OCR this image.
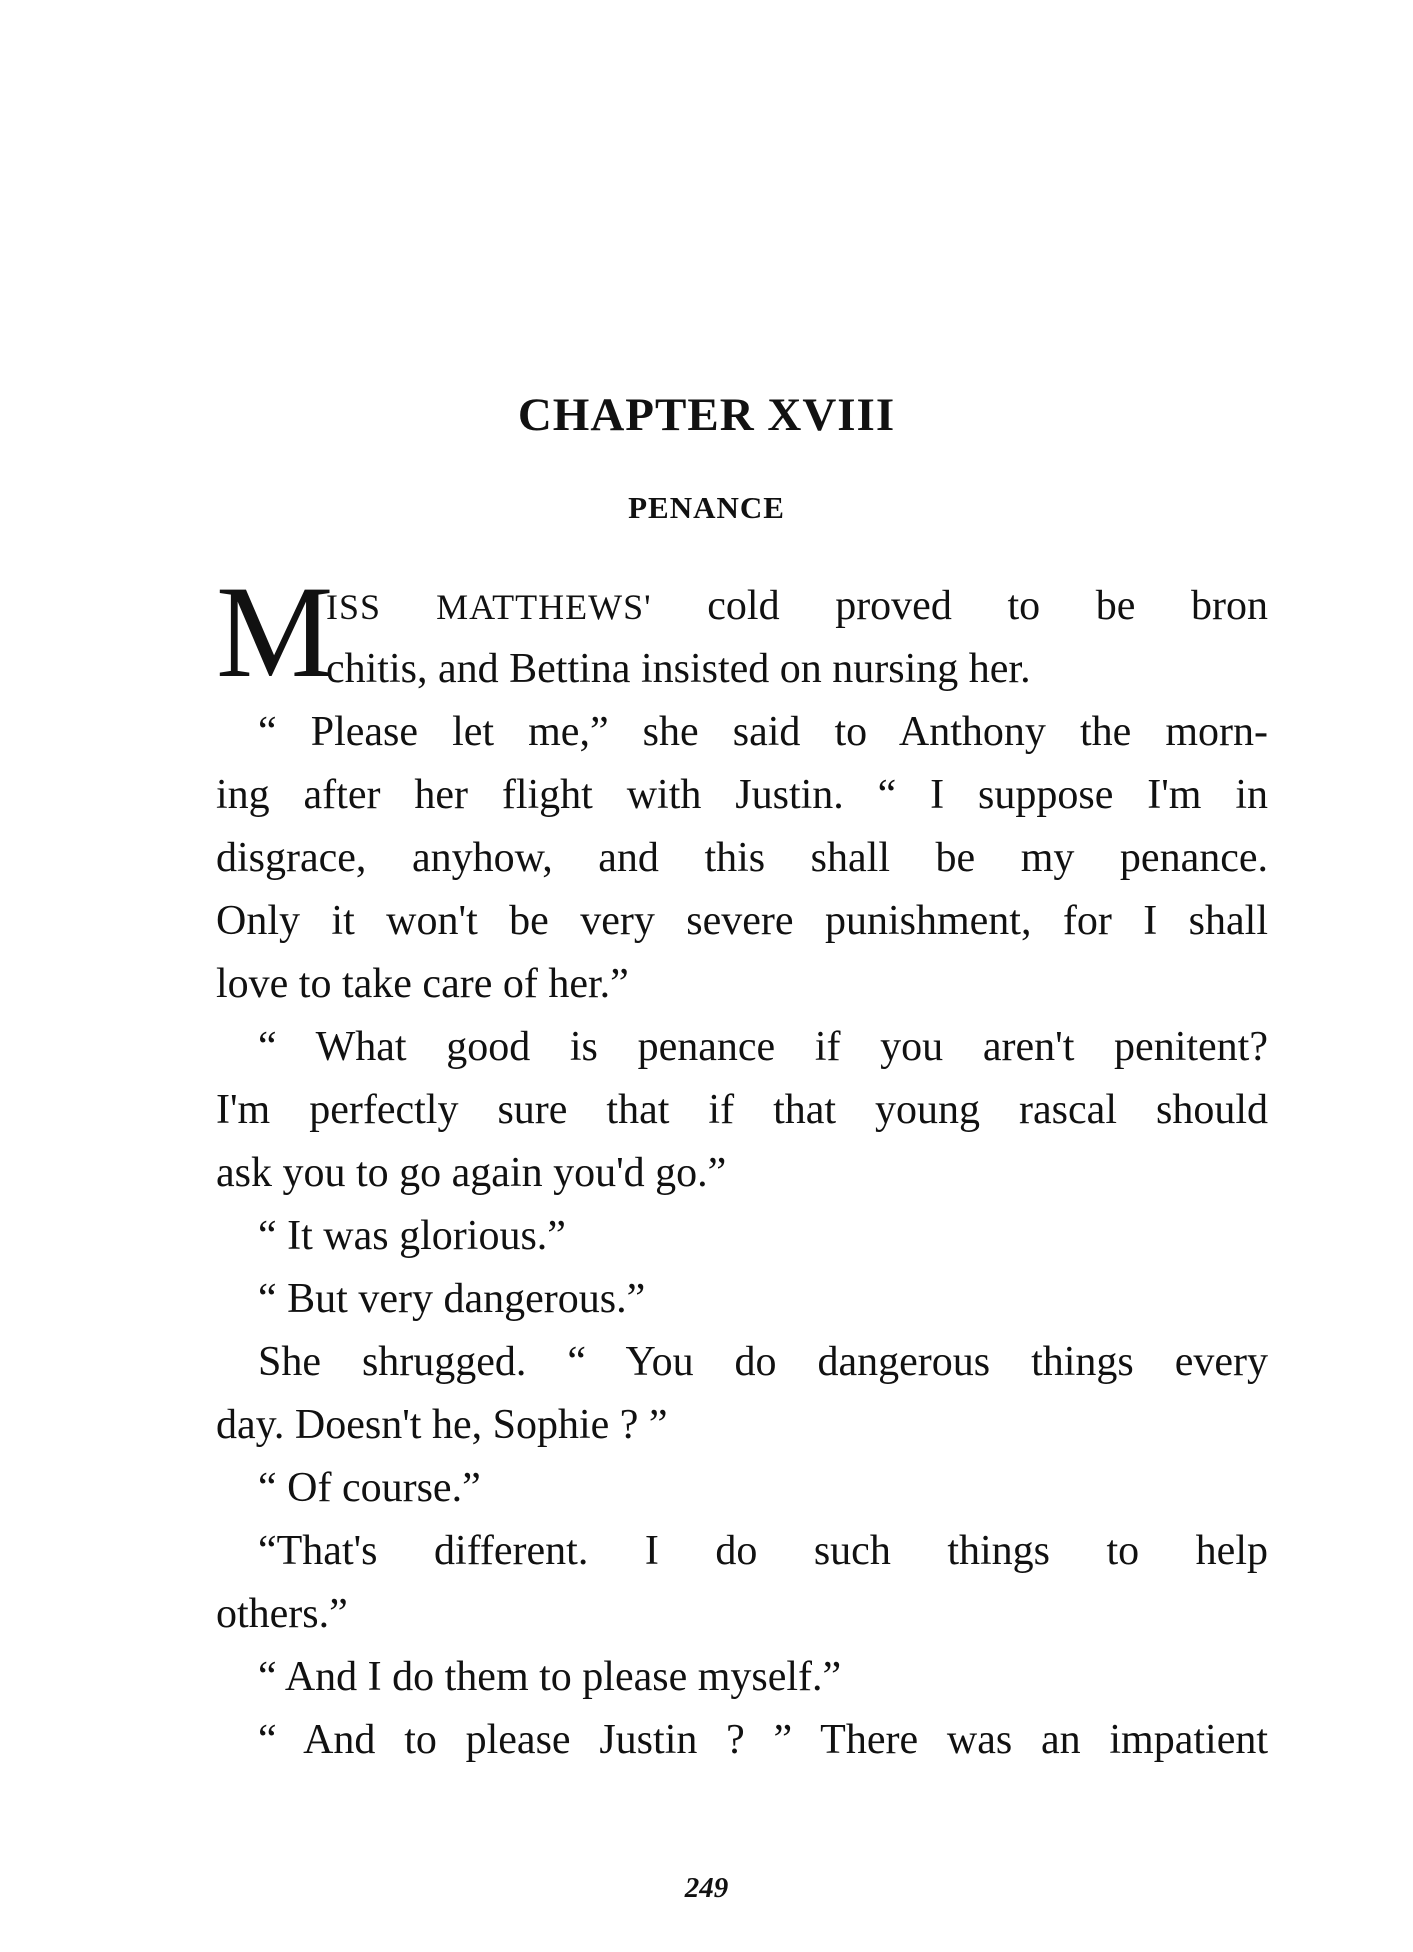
CHAPTER XVIII
PENANCE
M
ISS MATTHEWS' cold proved to be bron
chitis, and Bettina insisted on nursing her.
“ Please let me,” she said to Anthony the morn-
ing after her flight with Justin. “ I suppose I'm in
disgrace, anyhow, and this shall be my penance.
Only it won't be very severe punishment, for I shall
love to take care of her.”
“ What good is penance if you aren't penitent?
I'm perfectly sure that if that young rascal should
ask you to go again you'd go.”
“ It was glorious.”
“ But very dangerous.”
She shrugged. “ You do dangerous things every
day. Doesn't he, Sophie ? ”
“ Of course.”
“That's different. I do such things to help
others.”
“ And I do them to please myself.”
“ And to please Justin ? ” There was an impatient
249
